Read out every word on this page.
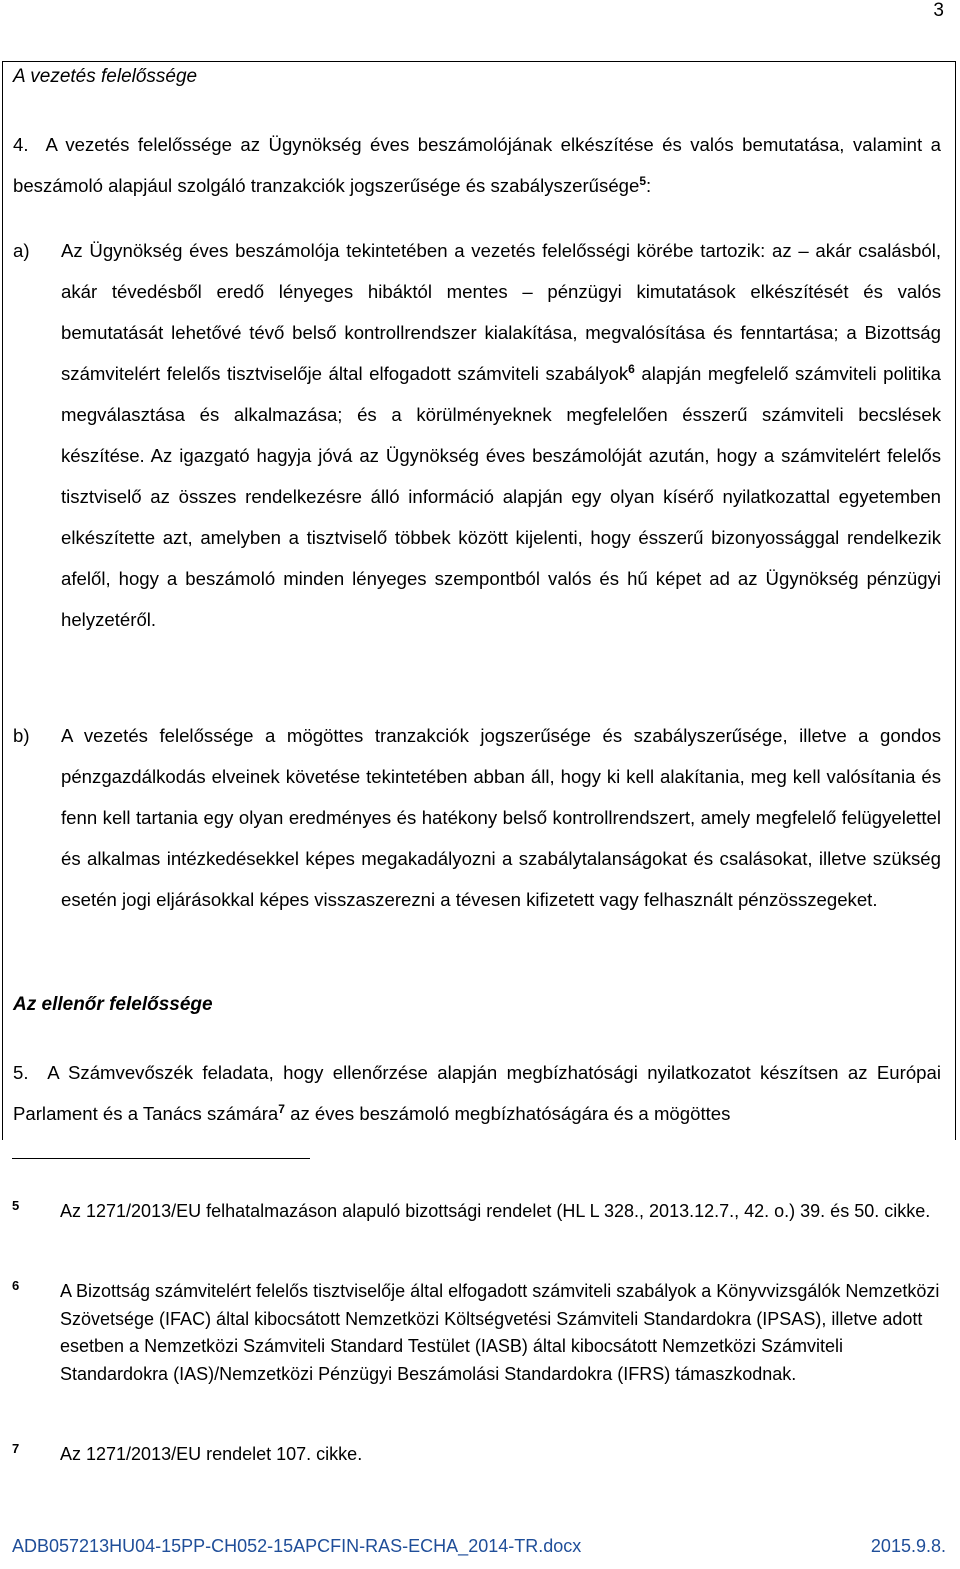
3
A vezetés felelőssége

4.  A vezetés felelőssége az Ügynökség éves beszámolójának elkészítése és valós bemutatása, valamint a beszámoló alapjául szolgáló tranzakciók jogszerűsége és szabályszerűsége$^5$:

a) Az Ügynökség éves beszámolója tekintetében a vezetés felelősségi körébe tartozik: az – akár csalásból, akár tévedésből eredő lényeges hibáktól mentes – pénzügyi kimutatások elkészítését és valós bemutatását lehetővé tévő belső kontrollrendszer kialakítása, megvalósítása és fenntartása; a Bizottság számvitelért felelős tisztviselője által elfogadott számviteli szabályok$^6$ alapján megfelelő számviteli politika megválasztása és alkalmazása; és a körülményeknek megfelelően ésszerű számviteli becslések készítése. Az igazgató hagyja jóvá az Ügynökség éves beszámolóját azután, hogy a számvitelért felelős tisztviselő az összes rendelkezésre álló információ alapján egy olyan kísérő nyilatkozattal egyetemben elkészítette azt, amelyben a tisztviselő többek között kijelenti, hogy ésszerű bizonyossággal rendelkezik afelől, hogy a beszámoló minden lényeges szempontból valós és hű képet ad az Ügynökség pénzügyi helyzetéről.
b) A vezetés felelőssége a mögöttes tranzakciók jogszerűsége és szabályszerűsége, illetve a gondos pénzgazdálkodás elveinek követése tekintetében abban áll, hogy ki kell alakítania, meg kell valósítania és fenn kell tartania egy olyan eredményes és hatékony belső kontrollrendszert, amely megfelelő felügyelettel és alkalmas intézkedésekkel képes megakadályozni a szabálytalanságokat és csalásokat, illetve szükség esetén jogi eljárásokkal képes visszaszerezni a tévesen kifizetett vagy felhasznált pénzösszegeket.
Az ellenőr felelőssége

5.  A Számvevőszék feladata, hogy ellenőrzése alapján megbízhatósági nyilatkozatot készítsen az Európai Parlament és a Tanács számára$^7$ az éves beszámoló megbízhatóságára és a mögöttes

5 Az 1271/2013/EU felhatalmazáson alapuló bizottsági rendelet (HL L 328., 2013.12.7., 42. o.) 39. és 50. cikke.
6 A Bizottság számvitelért felelős tisztviselője által elfogadott számviteli szabályok a Könyvvizsgálók Nemzetközi Szövetsége (IFAC) által kibocsátott Nemzetközi Költségvetési Számviteli Standardokra (IPSAS), illetve adott esetben a Nemzetközi Számviteli Standard Testület (IASB) által kibocsátott Nemzetközi Számviteli Standardokra (IAS)/Nemzetközi Pénzügyi Beszámolási Standardokra (IFRS) támaszkodnak.
7 Az 1271/2013/EU rendelet 107. cikke.
ADB057213HU04-15PP-CH052-15APCFIN-RAS-ECHA_2014-TR.docx	2015.9.8.
